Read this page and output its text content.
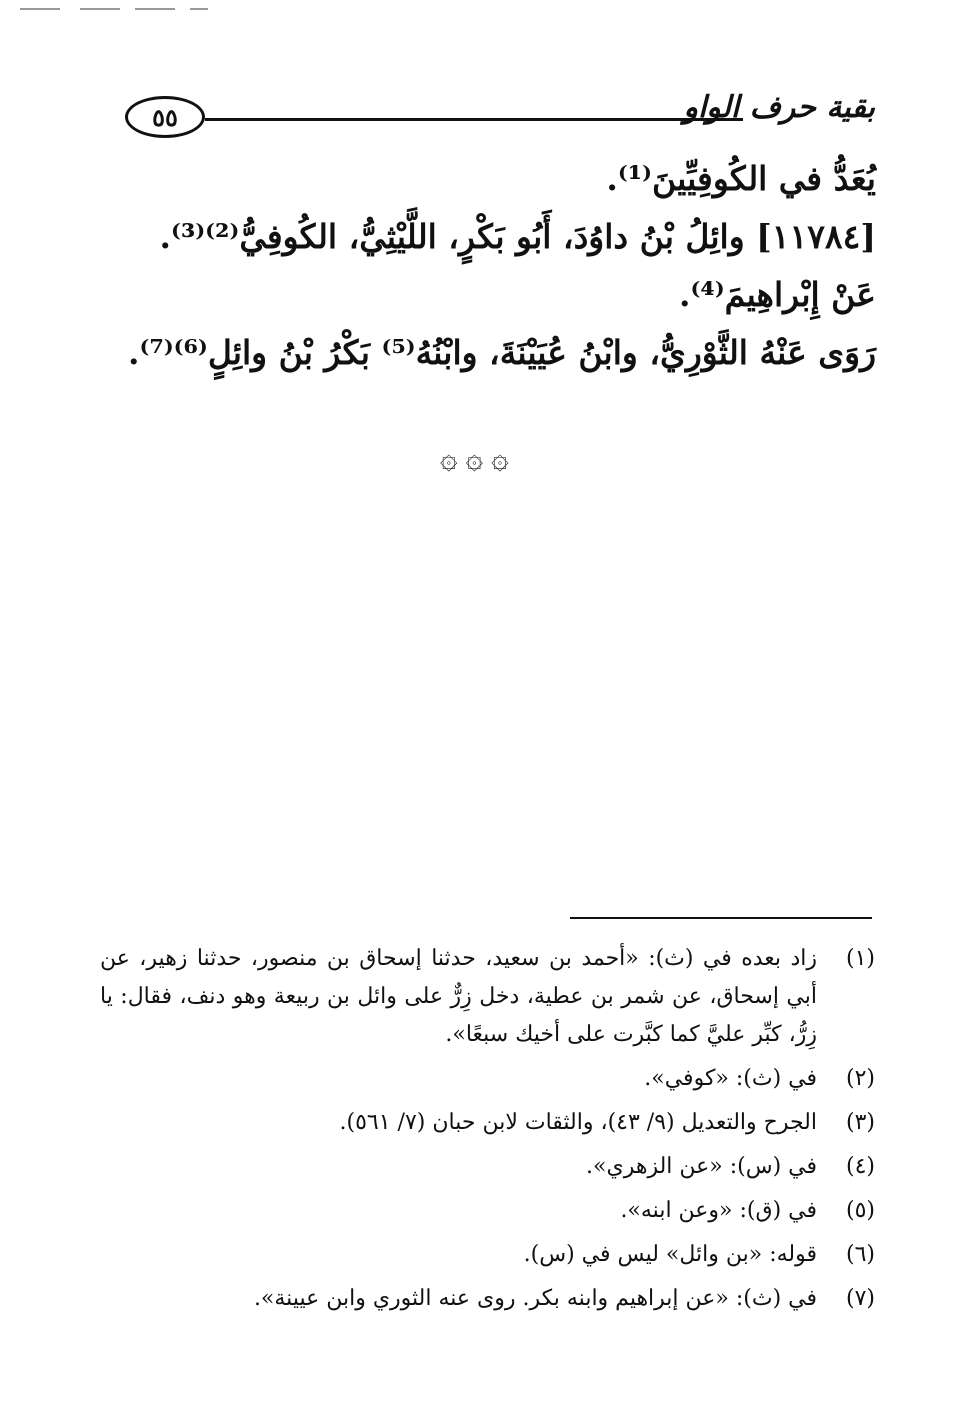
٥٥	بقية حرف الواو
يُعَدُّ في الكُوفِيِّينَ⁽¹⁾.
[١١٧٨٤] وائِلُ بْنُ داوُدَ، أَبُو بَكْرٍ، اللَّيْثِيُّ، الكُوفِيُّ⁽²⁾⁽³⁾.
عَنْ إِبْراهِيمَ⁽⁴⁾.
رَوَى عَنْهُ الثَّوْرِيُّ، وابْنُ عُيَيْنَةَ، وابْنُهُ⁽⁵⁾ بَكْرُ بْنُ وائِلٍ⁽⁶⁾⁽⁷⁾.
۞ ۞ ۞
(١)
زاد بعده في (ث): «أحمد بن سعيد، حدثنا إسحاق بن منصور، حدثنا زهير، عن أبي إسحاق، عن شمر بن عطية، دخل زِرٌّ على وائل بن ربيعة وهو دنف، فقال: يا زِرُّ، كبِّر عليَّ كما كبَّرت على أخيك سبعًا».
(٢)
في (ث): «كوفي».
(٣)
الجرح والتعديل (٩/ ٤٣)، والثقات لابن حبان (٧/ ٥٦١).
(٤)
في (س): «عن الزهري».
(٥)
في (ق): «وعن ابنه».
(٦)
قوله: «بن وائل» ليس في (س).
(٧)
في (ث): «عن إبراهيم وابنه بكر. روى عنه الثوري وابن عيينة».
